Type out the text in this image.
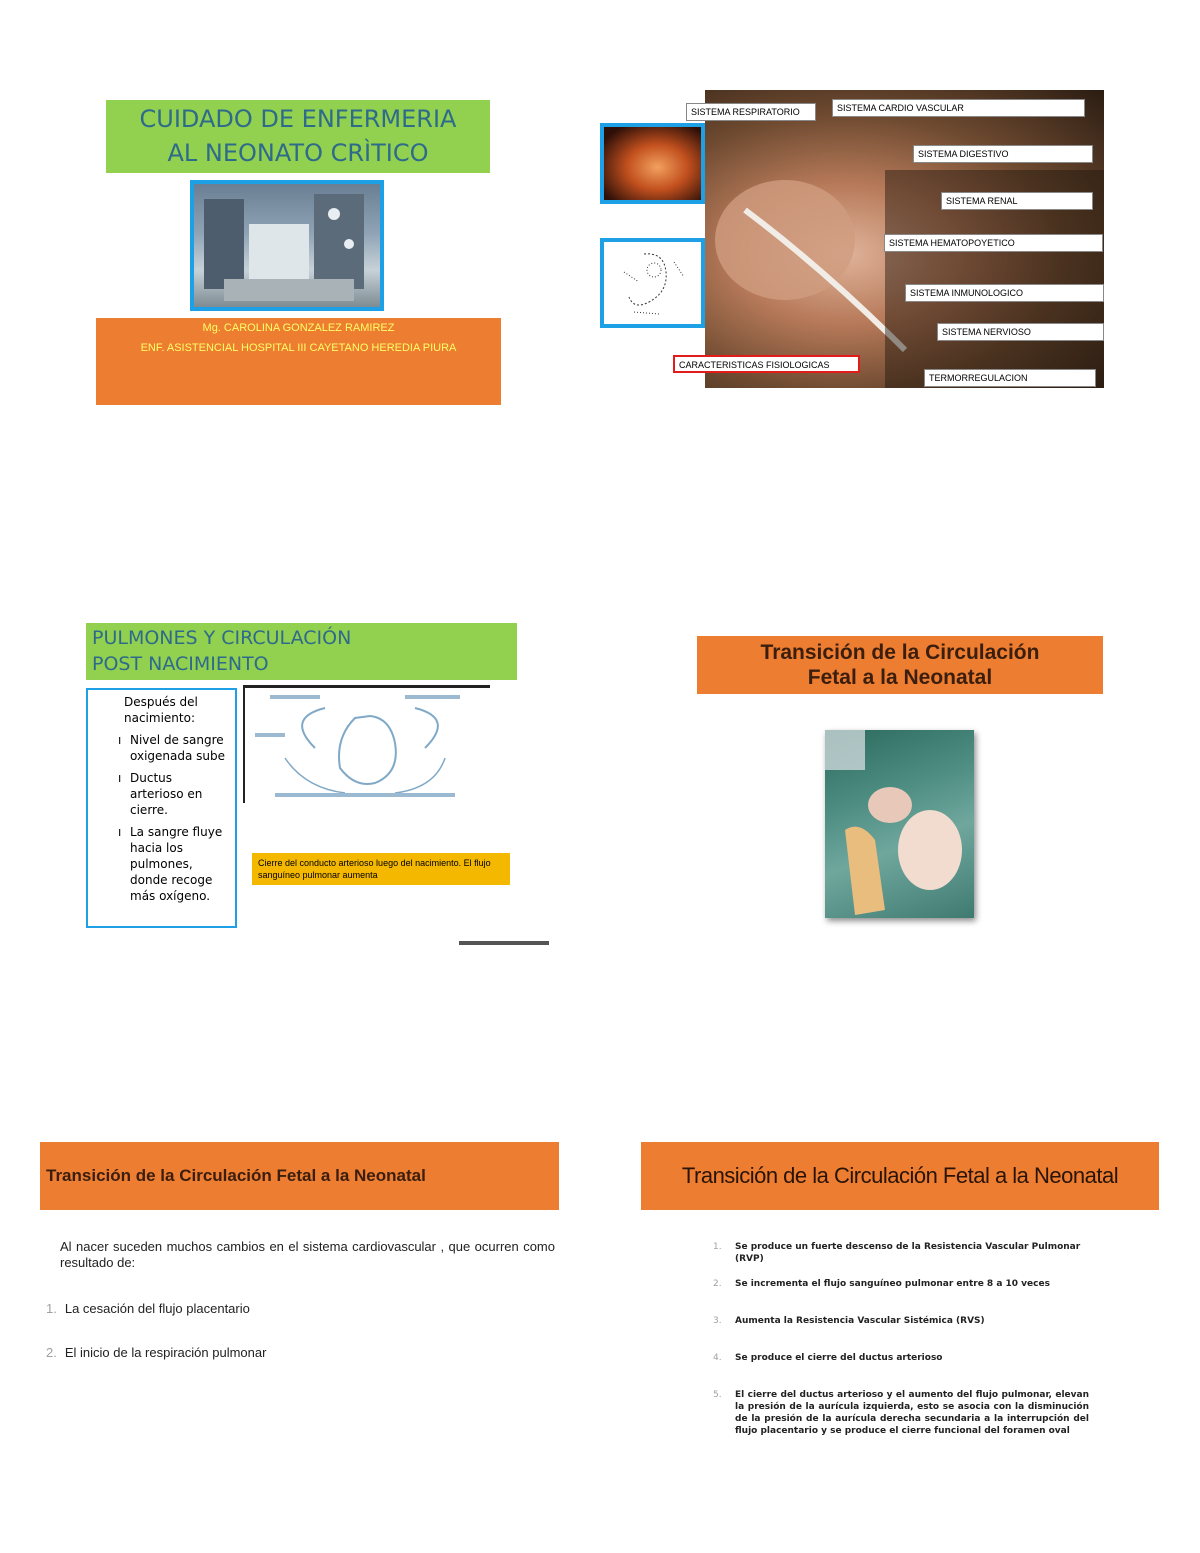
CUIDADO DE ENFERMERIA
AL NEONATO CRÌTICO
Mg. CAROLINA GONZALEZ RAMIREZ
ENF. ASISTENCIAL HOSPITAL III CAYETANO HEREDIA PIURA
SISTEMA RESPIRATORIO	SISTEMA CARDIO VASCULAR
SISTEMA DIGESTIVO
SISTEMA RENAL
SISTEMA HEMATOPOYETICO
SISTEMA INMUNOLOGICO
SISTEMA NERVIOSO
CARACTERISTICAS FISIOLOGICAS
TERMORREGULACION
PULMONES Y CIRCULACIÓN
POST NACIMIENTO
Después del
nacimiento:
ı Nivel de sangre oxigenada sube
ı Ductus arterioso en cierre.
ı La sangre fluye hacia los pulmones, donde recoge más oxígeno.
Cierre del conducto arterioso luego del nacimiento. El flujo sanguíneo pulmonar aumenta
Transición de la Circulación
Fetal a la Neonatal
Transición de la Circulación Fetal a la Neonatal
Al nacer suceden muchos cambios en el sistema cardiovascular , que ocurren como resultado de:
1. La cesación del flujo placentario
2. El inicio de la respiración pulmonar
Transición de la Circulación Fetal a la Neonatal
1.	Se produce un fuerte descenso de la Resistencia Vascular Pulmonar (RVP)
2.	Se incrementa el flujo sanguíneo pulmonar entre 8 a 10 veces
3.	Aumenta la Resistencia Vascular Sistémica (RVS)
4.	Se produce el cierre del ductus arterioso
5.	El cierre del ductus arterioso y el aumento del flujo pulmonar, elevan la presión de la aurícula izquierda, esto se asocia con la disminución de la presión de la aurícula derecha secundaria a la interrupción del flujo placentario y se produce el cierre funcional del foramen oval
